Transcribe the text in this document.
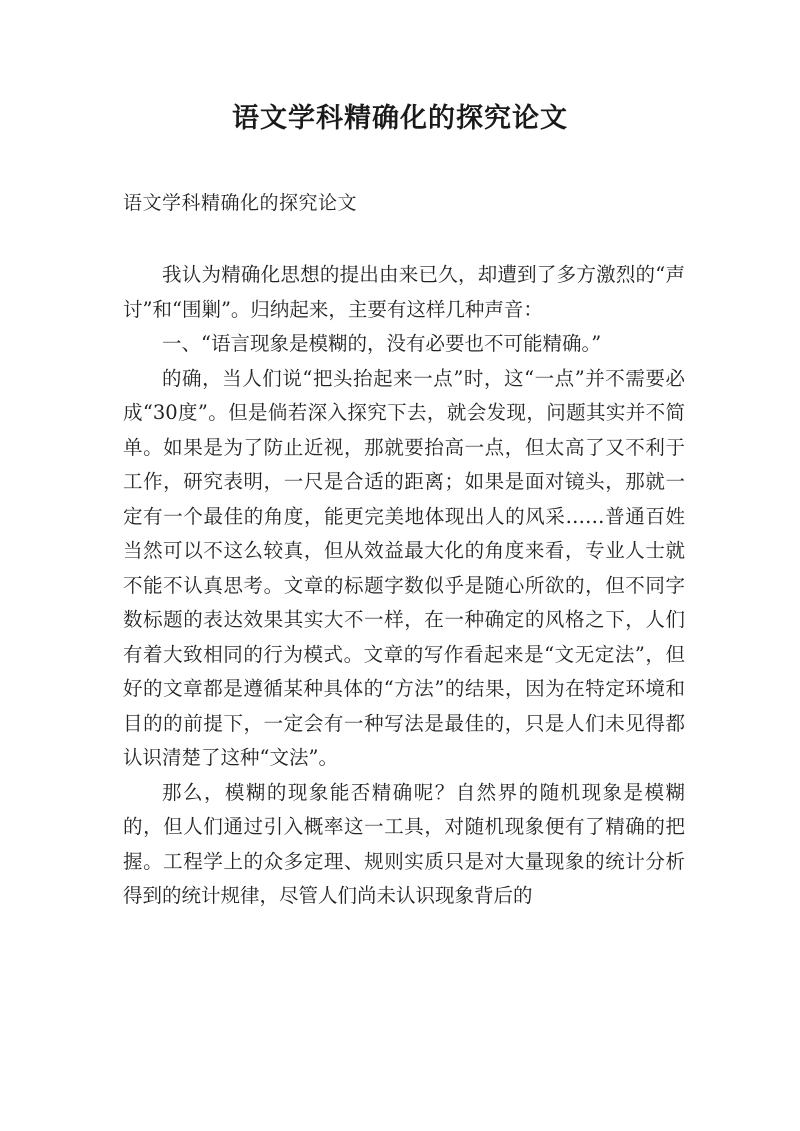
语文学科精确化的探究论文
语文学科精确化的探究论文

我认为精确化思想的提出由来已久，却遭到了多方激烈的“声讨”和“围剿”。归纳起来，主要有这样几种声音：

一、“语言现象是模糊的，没有必要也不可能精确。”

的确，当人们说“把头抬起来一点”时，这“一点”并不需要必成“30度”。但是倘若深入探究下去，就会发现，问题其实并不简单。如果是为了防止近视，那就要抬高一点，但太高了又不利于工作，研究表明，一尺是合适的距离；如果是面对镜头，那就一定有一个最佳的角度，能更完美地体现出人的风采……普通百姓当然可以不这么较真，但从效益最大化的角度来看，专业人士就不能不认真思考。文章的标题字数似乎是随心所欲的，但不同字数标题的表达效果其实大不一样，在一种确定的风格之下，人们有着大致相同的行为模式。文章的写作看起来是“文无定法”，但好的文章都是遵循某种具体的“方法”的结果，因为在特定环境和目的的前提下，一定会有一种写法是最佳的，只是人们未见得都认识清楚了这种“文法”。

那么，模糊的现象能否精确呢？自然界的随机现象是模糊的，但人们通过引入概率这一工具，对随机现象便有了精确的把握。工程学上的众多定理、规则实质只是对大量现象的统计分析得到的统计规律，尽管人们尚未认识现象背后的
